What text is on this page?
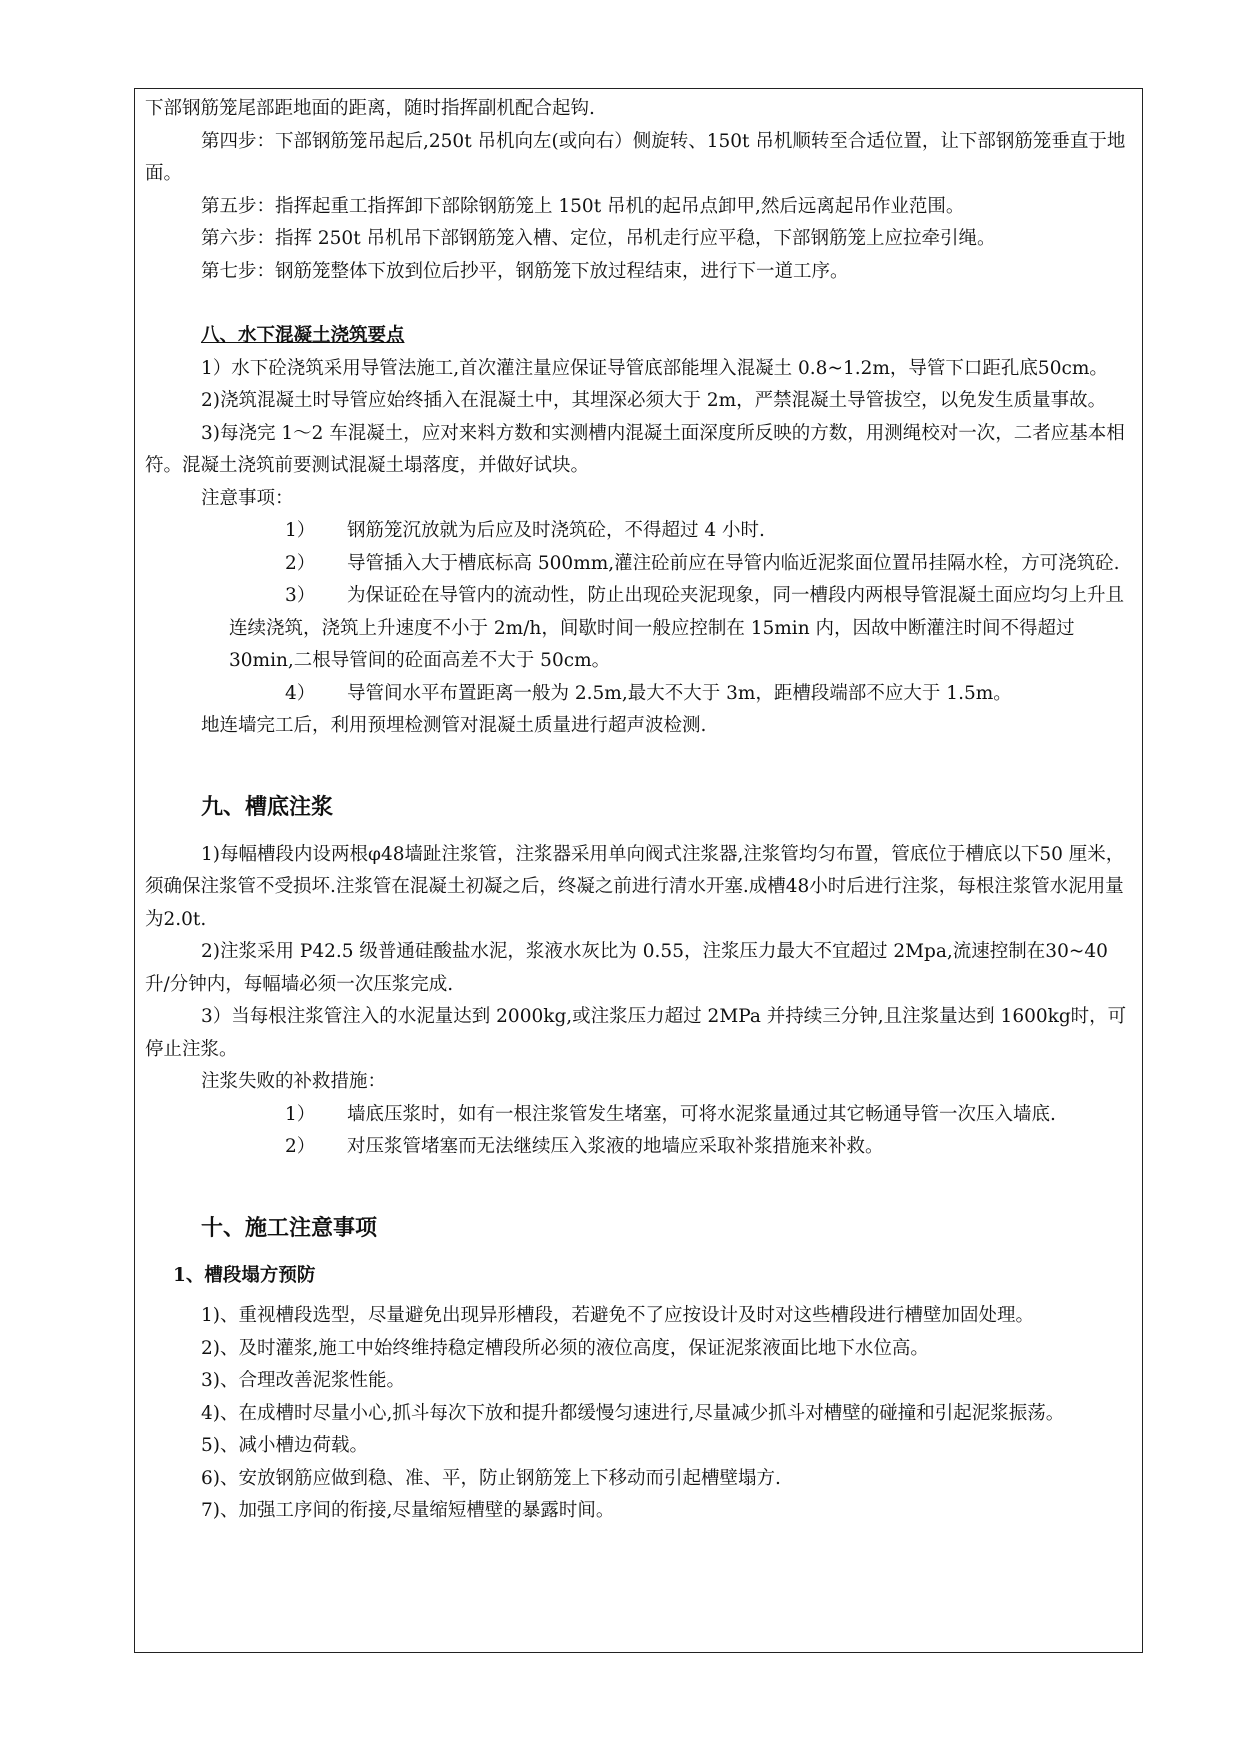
下部钢筋笼尾部距地面的距离，随时指挥副机配合起钩.

第四步：下部钢筋笼吊起后,250t 吊机向左(或向右）侧旋转、150t 吊机顺转至合适位置，让下部钢筋笼垂直于地面。

第五步：指挥起重工指挥卸下部除钢筋笼上 150t 吊机的起吊点卸甲,然后远离起吊作业范围。

第六步：指挥 250t 吊机吊下部钢筋笼入槽、定位，吊机走行应平稳，下部钢筋笼上应拉牵引绳。

第七步：钢筋笼整体下放到位后抄平，钢筋笼下放过程结束，进行下一道工序。

八、水下混凝土浇筑要点

1）水下砼浇筑采用导管法施工,首次灌注量应保证导管底部能埋入混凝土 0.8~1.2m，导管下口距孔底50cm。

2)浇筑混凝土时导管应始终插入在混凝土中，其埋深必须大于 2m，严禁混凝土导管拔空，以免发生质量事故。

3)每浇完 1～2 车混凝土，应对来料方数和实测槽内混凝土面深度所反映的方数，用测绳校对一次，二者应基本相符。混凝土浇筑前要测试混凝土塌落度，并做好试块。

注意事项：

1） 钢筋笼沉放就为后应及时浇筑砼，不得超过 4 小时.
2） 导管插入大于槽底标高 500mm,灌注砼前应在导管内临近泥浆面位置吊挂隔水栓，方可浇筑砼.
3） 为保证砼在导管内的流动性，防止出现砼夹泥现象，同一槽段内两根导管混凝土面应均匀上升且连续浇筑，浇筑上升速度不小于 2m/h，间歇时间一般应控制在 15min 内，因故中断灌注时间不得超过 30min,二根导管间的砼面高差不大于 50cm。
4） 导管间水平布置距离一般为 2.5m,最大不大于 3m，距槽段端部不应大于 1.5m。

地连墙完工后，利用预埋检测管对混凝土质量进行超声波检测.

九、槽底注浆

1)每幅槽段内设两根φ48墙趾注浆管，注浆器采用单向阀式注浆器,注浆管均匀布置，管底位于槽底以下50 厘米，须确保注浆管不受损坏.注浆管在混凝土初凝之后，终凝之前进行清水开塞.成槽48小时后进行注浆，每根注浆管水泥用量为2.0t.

2)注浆采用 P42.5 级普通硅酸盐水泥，浆液水灰比为 0.55，注浆压力最大不宜超过 2Mpa,流速控制在30~40 升/分钟内，每幅墙必须一次压浆完成.

3）当每根注浆管注入的水泥量达到 2000kg,或注浆压力超过 2MPa 并持续三分钟,且注浆量达到 1600kg时，可停止注浆。

注浆失败的补救措施：

1） 墙底压浆时，如有一根注浆管发生堵塞，可将水泥浆量通过其它畅通导管一次压入墙底.
2） 对压浆管堵塞而无法继续压入浆液的地墙应采取补浆措施来补救。

十、施工注意事项

1、槽段塌方预防

1)、重视槽段选型，尽量避免出现异形槽段，若避免不了应按设计及时对这些槽段进行槽壁加固处理。

2)、及时灌浆,施工中始终维持稳定槽段所必须的液位高度，保证泥浆液面比地下水位高。

3)、合理改善泥浆性能。

4)、在成槽时尽量小心,抓斗每次下放和提升都缓慢匀速进行,尽量减少抓斗对槽壁的碰撞和引起泥浆振荡。

5)、减小槽边荷载。

6)、安放钢筋应做到稳、准、平，防止钢筋笼上下移动而引起槽壁塌方.

7)、加强工序间的衔接,尽量缩短槽壁的暴露时间。
